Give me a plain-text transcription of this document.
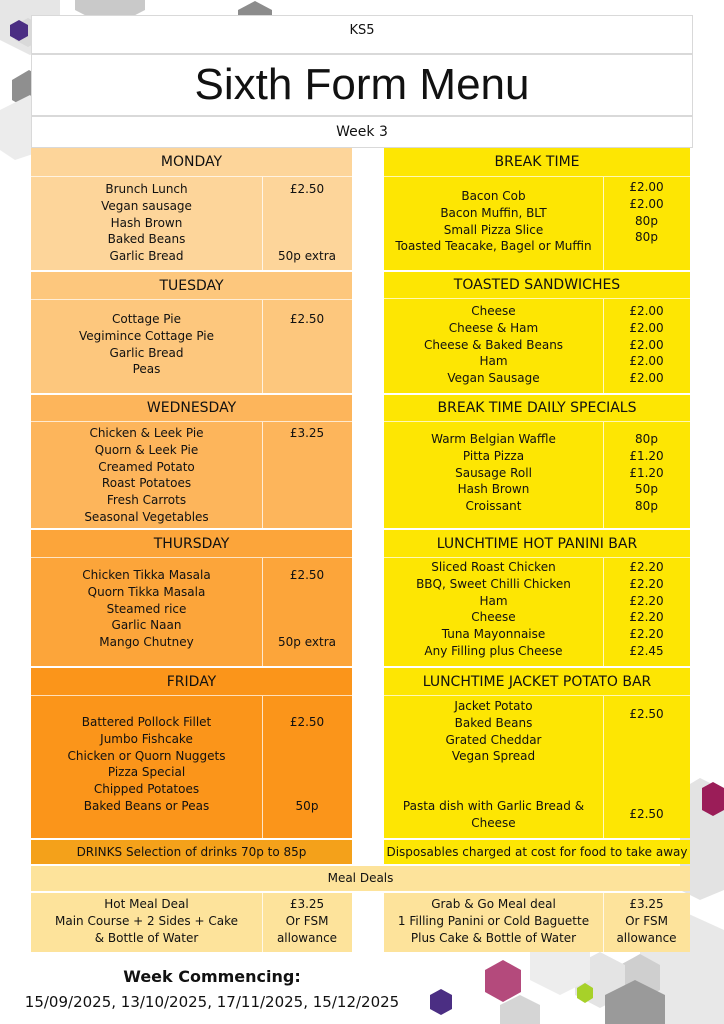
KS5
Sixth Form Menu
Week 3
MONDAY
Brunch Lunch
Vegan sausage
Hash Brown
Baked Beans
Garlic Bread
£2.50
50p extra
TUESDAY
Cottage Pie
Vegimince Cottage Pie
Garlic Bread
Peas
£2.50
WEDNESDAY
Chicken & Leek Pie
Quorn & Leek Pie
Creamed Potato
Roast Potatoes
Fresh Carrots
Seasonal Vegetables
£3.25
THURSDAY
Chicken Tikka Masala
Quorn Tikka Masala
Steamed rice
Garlic Naan
Mango Chutney
£2.50
50p extra
FRIDAY
Battered Pollock Fillet
Jumbo Fishcake
Chicken or Quorn Nuggets
Pizza Special
Chipped Potatoes
Baked Beans or Peas
£2.50
50p
BREAK TIME
Bacon Cob
Bacon Muffin, BLT
Small Pizza Slice
Toasted Teacake, Bagel or Muffin
£2.00
£2.00
80p
80p
TOASTED SANDWICHES
Cheese
Cheese & Ham
Cheese & Baked Beans
Ham
Vegan Sausage
£2.00
£2.00
£2.00
£2.00
£2.00
BREAK TIME DAILY SPECIALS
Warm Belgian Waffle
Pitta Pizza
Sausage Roll
Hash Brown
Croissant
80p
£1.20
£1.20
50p
80p
LUNCHTIME HOT PANINI BAR
Sliced Roast Chicken
BBQ, Sweet Chilli Chicken
Ham
Cheese
Tuna Mayonnaise
Any Filling plus Cheese
£2.20
£2.20
£2.20
£2.20
£2.20
£2.45
LUNCHTIME JACKET POTATO BAR
Jacket Potato
Baked Beans
Grated Cheddar
Vegan Spread
£2.50
Pasta dish with Garlic Bread &
Cheese
£2.50
DRINKS Selection of drinks 70p to 85p	Disposables charged at cost for food to take away
Meal Deals
Hot Meal Deal
Main Course + 2 Sides + Cake
& Bottle of Water
£3.25
Or FSM
allowance
Grab & Go Meal deal
1 Filling Panini or Cold Baguette
Plus Cake & Bottle of Water
£3.25
Or FSM
allowance
Week Commencing:
15/09/2025, 13/10/2025, 17/11/2025, 15/12/2025
